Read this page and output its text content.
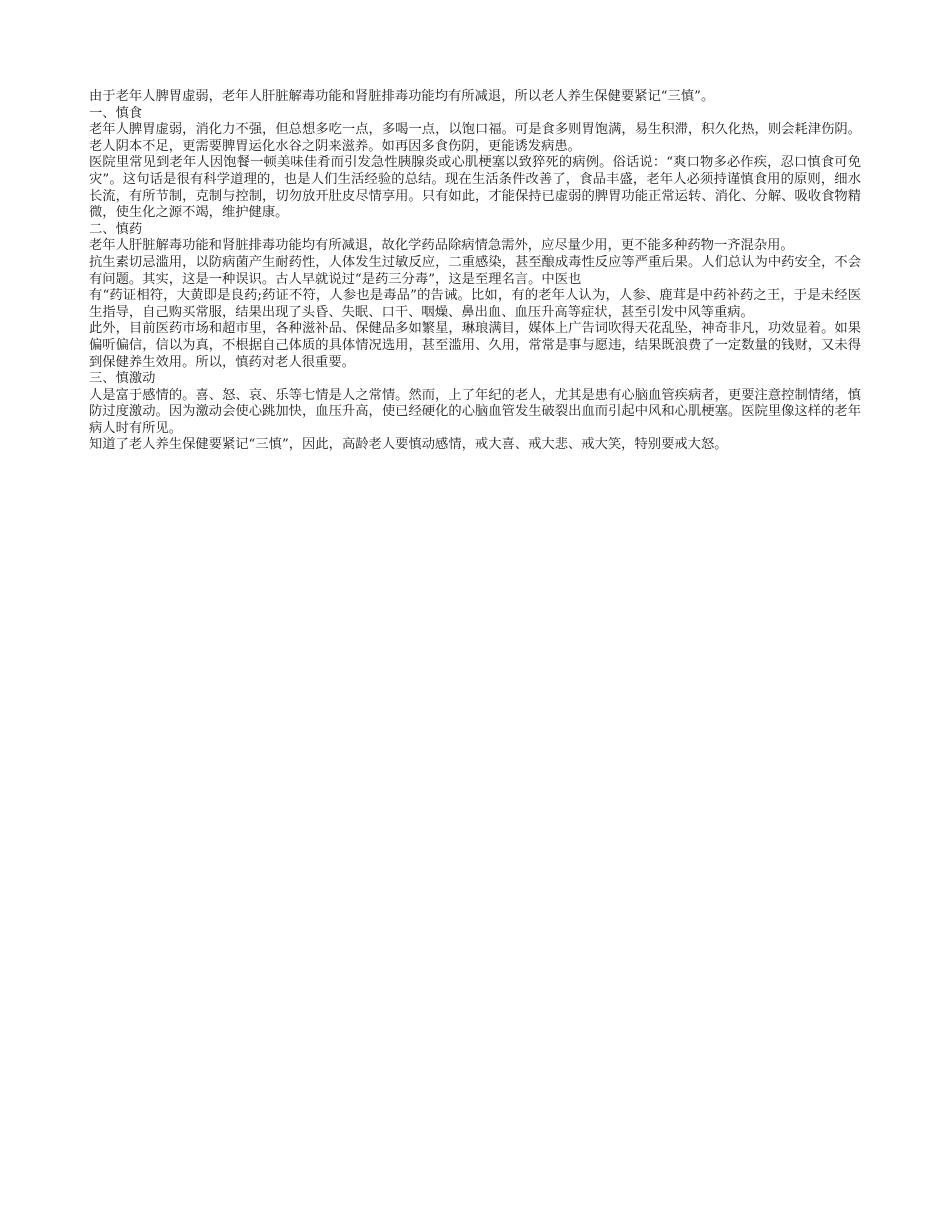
由于老年人脾胃虚弱，老年人肝脏解毒功能和肾脏排毒功能均有所减退，所以老人养生保健要紧记“三慎”。

一、慎食

老年人脾胃虚弱，消化力不强，但总想多吃一点，多喝一点，以饱口福。可是食多则胃饱满，易生积滞，积久化热，则会耗津伤阴。老人阴本不足，更需要脾胃运化水谷之阴来滋养。如再因多食伤阴，更能诱发病患。

医院里常见到老年人因饱餐一顿美味佳肴而引发急性胰腺炎或心肌梗塞以致猝死的病例。俗话说：“爽口物多必作疾，忍口慎食可免灾”。这句话是很有科学道理的，也是人们生活经验的总结。现在生活条件改善了，食品丰盛，老年人必须持谨慎食用的原则，细水长流，有所节制，克制与控制，切勿放开肚皮尽情享用。只有如此，才能保持已虚弱的脾胃功能正常运转、消化、分解、吸收食物精微，使生化之源不竭，维护健康。

二、慎药

老年人肝脏解毒功能和肾脏排毒功能均有所减退，故化学药品除病情急需外，应尽量少用，更不能多种药物一齐混杂用。

抗生素切忌滥用，以防病菌产生耐药性，人体发生过敏反应，二重感染，甚至酿成毒性反应等严重后果。人们总认为中药安全，不会有问题。其实，这是一种误识。古人早就说过“是药三分毒”，这是至理名言。中医也
有“药证相符，大黄即是良药;药证不符，人参也是毒品”的告诫。比如，有的老年人认为，人参、鹿茸是中药补药之王，于是未经医生指导，自己购买常服，结果出现了头昏、失眠、口干、咽燥、鼻出血、血压升高等症状，甚至引发中风等重病。

此外，目前医药市场和超市里，各种滋补品、保健品多如繁星，琳琅满目，媒体上广告词吹得天花乱坠，神奇非凡，功效显着。如果偏听偏信，信以为真，不根据自己体质的具体情况选用，甚至滥用、久用，常常是事与愿违，结果既浪费了一定数量的钱财，又未得到保健养生效用。所以，慎药对老人很重要。

三、慎激动

人是富于感情的。喜、怒、哀、乐等七情是人之常情。然而，上了年纪的老人，尤其是患有心脑血管疾病者，更要注意控制情绪，慎防过度激动。因为激动会使心跳加快，血压升高，使已经硬化的心脑血管发生破裂出血而引起中风和心肌梗塞。医院里像这样的老年病人时有所见。

知道了老人养生保健要紧记“三慎”，因此，高龄老人要慎动感情，戒大喜、戒大悲、戒大笑，特别要戒大怒。
